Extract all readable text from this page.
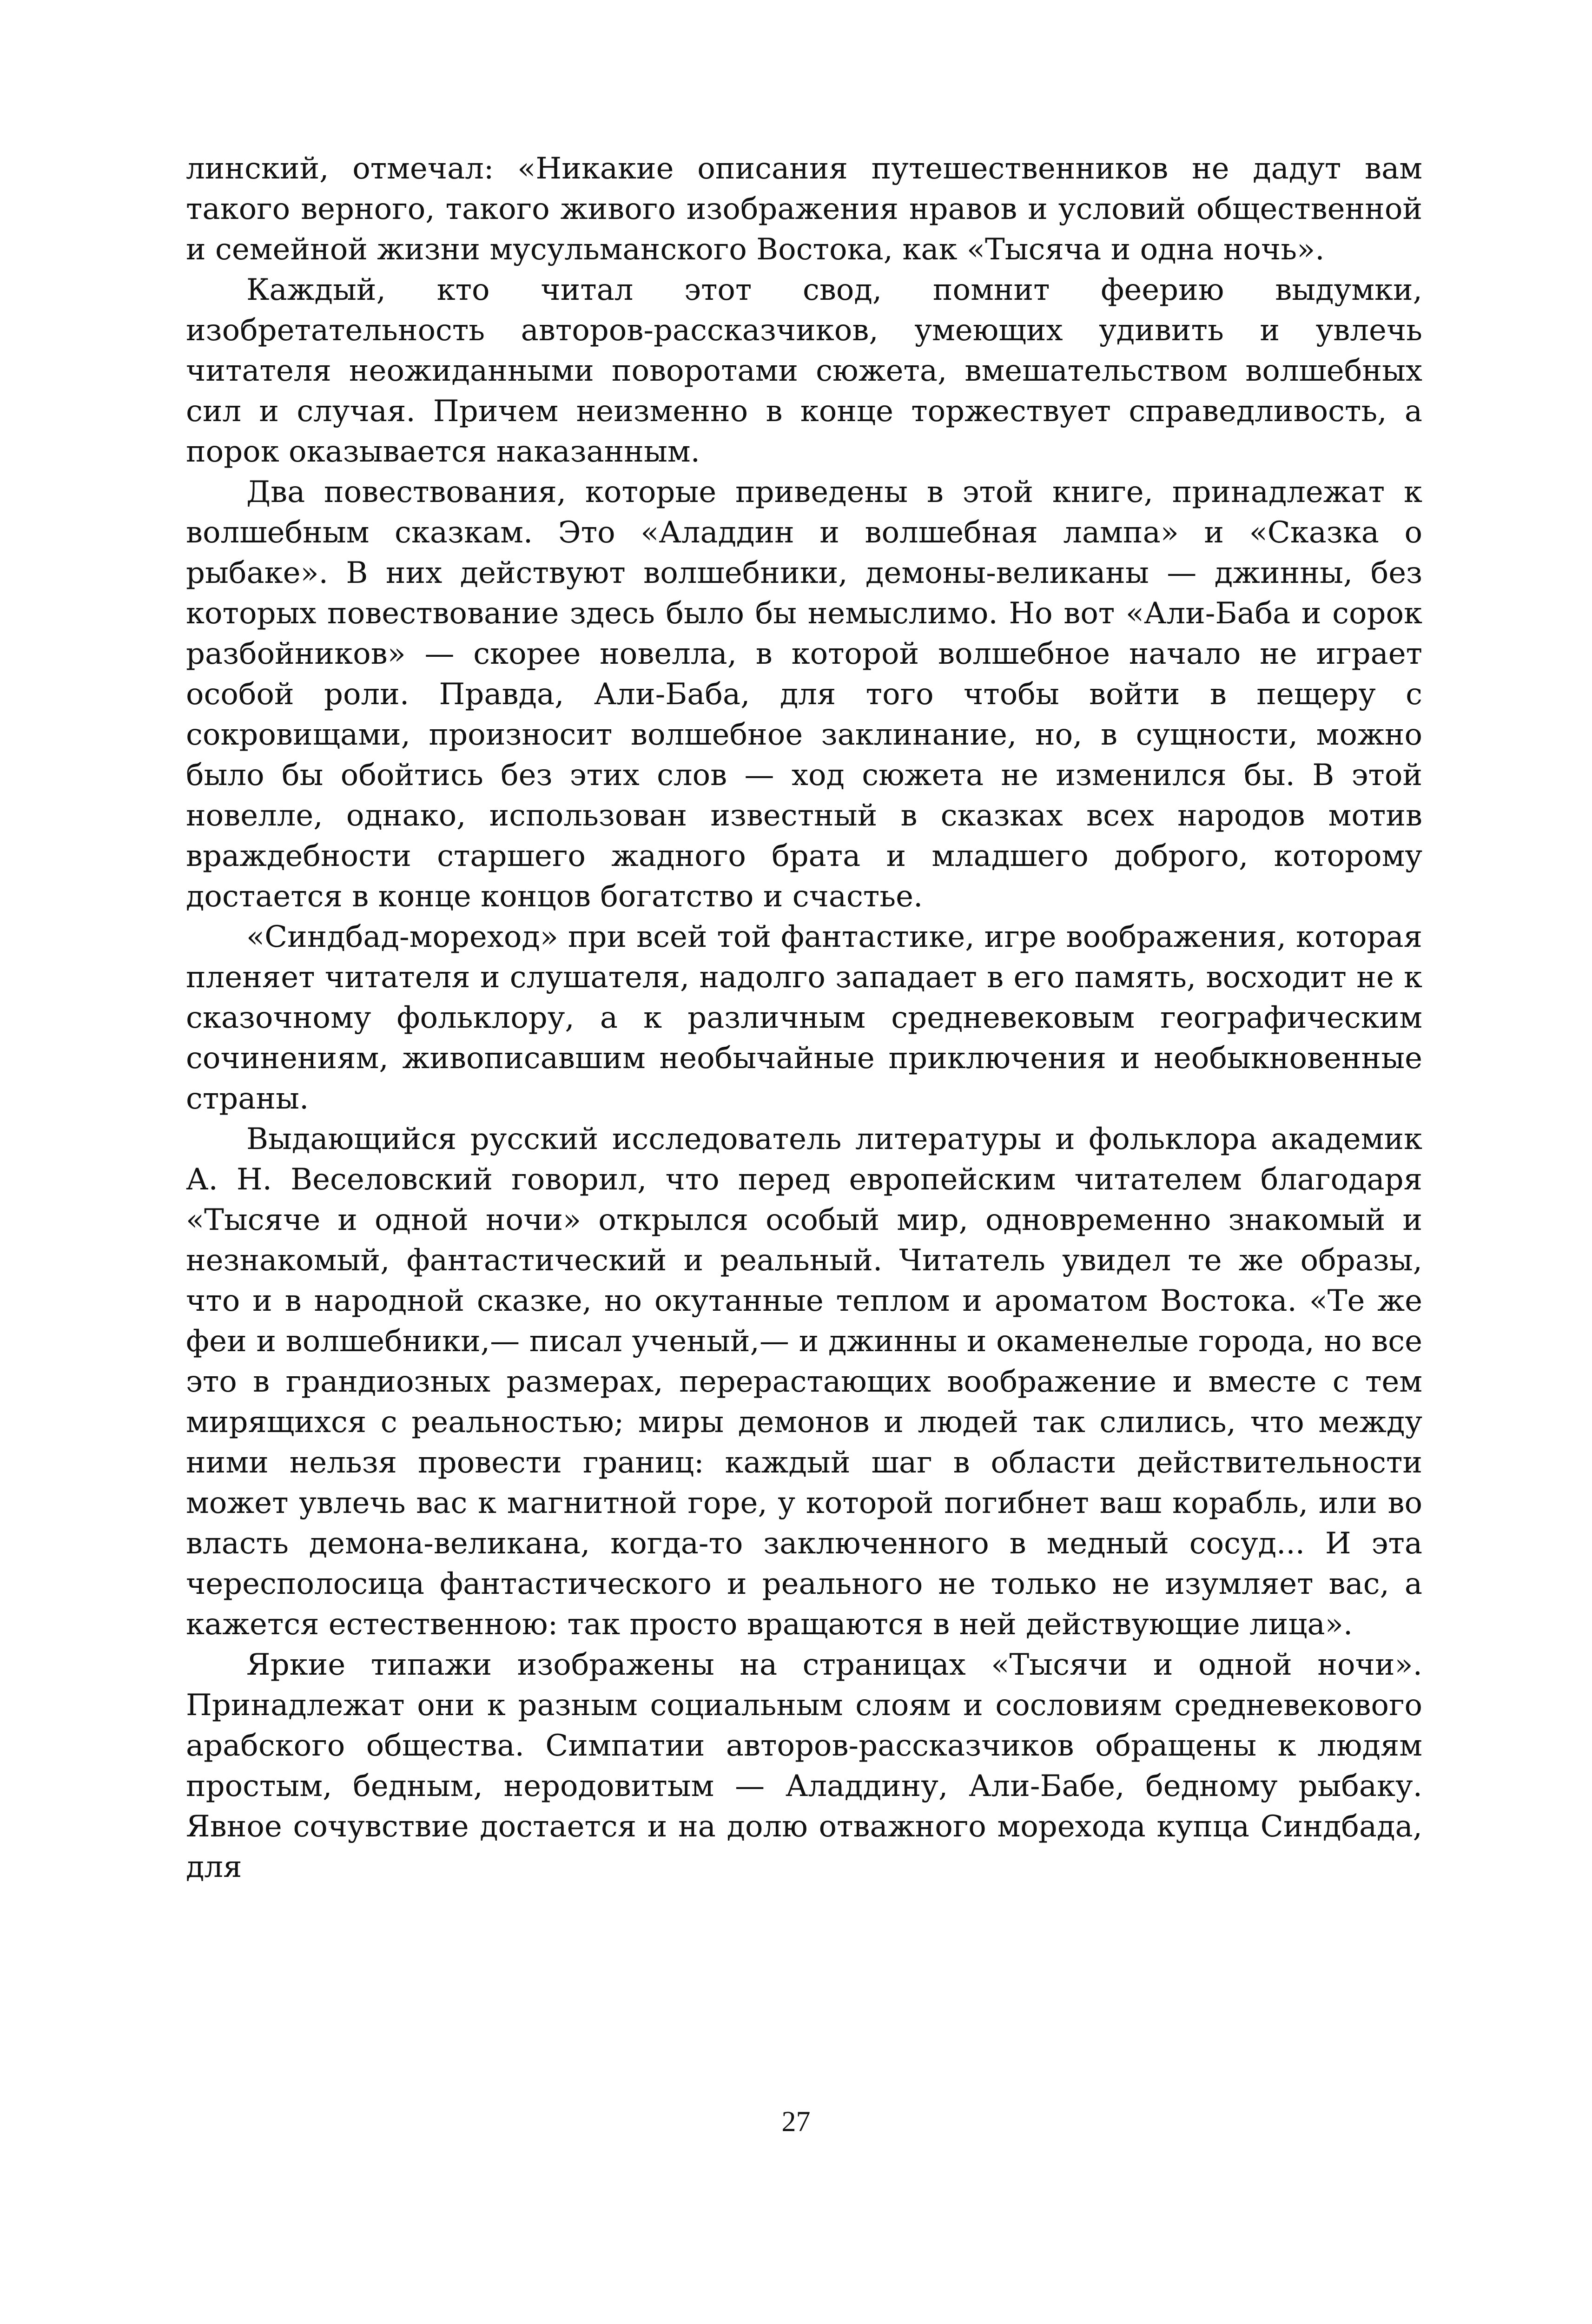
линский, отмечал: «Никакие описания путешественников не дадут вам такого верного, такого живого изображения нравов и условий общественной и семейной жизни мусульманского Востока, как «Тысяча и одна ночь».

Каждый, кто читал этот свод, помнит феерию выдумки, изобретательность авторов-рассказчиков, умеющих удивить и увлечь читателя неожиданными поворотами сюжета, вмешательством волшебных сил и случая. Причем неизменно в конце торжествует справедливость, а порок оказывается наказанным.

Два повествования, которые приведены в этой книге, принадлежат к волшебным сказкам. Это «Аладдин и волшебная лампа» и «Сказка о рыбаке». В них действуют волшебники, демоны-великаны — джинны, без которых повествование здесь было бы немыслимо. Но вот «Али-Баба и сорок разбойников» — скорее новелла, в которой волшебное начало не играет особой роли. Правда, Али-Баба, для того чтобы войти в пещеру с сокровищами, произносит волшебное заклинание, но, в сущности, можно было бы обойтись без этих слов — ход сюжета не изменился бы. В этой новелле, однако, использован известный в сказках всех народов мотив враждебности старшего жадного брата и младшего доброго, которому достается в конце концов богатство и счастье.

«Синдбад-мореход» при всей той фантастике, игре воображения, которая пленяет читателя и слушателя, надолго западает в его память, восходит не к сказочному фольклору, а к различным средневековым географическим сочинениям, живописавшим необычайные приключения и необыкновенные страны.

Выдающийся русский исследователь литературы и фольклора академик А. Н. Веселовский говорил, что перед европейским читателем благодаря «Тысяче и одной ночи» открылся особый мир, одновременно знакомый и незнакомый, фантастический и реальный. Читатель увидел те же образы, что и в народной сказке, но окутанные теплом и ароматом Востока. «Те же феи и волшебники,— писал ученый,— и джинны и окаменелые города, но все это в грандиозных размерах, перерастающих воображение и вместе с тем мирящихся с реальностью; миры демонов и людей так слились, что между ними нельзя провести границ: каждый шаг в области действительности может увлечь вас к магнитной горе, у которой погибнет ваш корабль, или во власть демона-великана, когда-то заключенного в медный сосуд... И эта чересполосица фантастического и реального не только не изумляет вас, а кажется естественною: так просто вращаются в ней действующие лица».

Яркие типажи изображены на страницах «Тысячи и одной ночи». Принадлежат они к разным социальным слоям и сословиям средневекового арабского общества. Симпатии авторов-рассказчиков обращены к людям простым, бедным, неродовитым — Аладдину, Али-Бабе, бедному рыбаку. Явное сочувствие достается и на долю отважного морехода купца Синдбада, для

27
